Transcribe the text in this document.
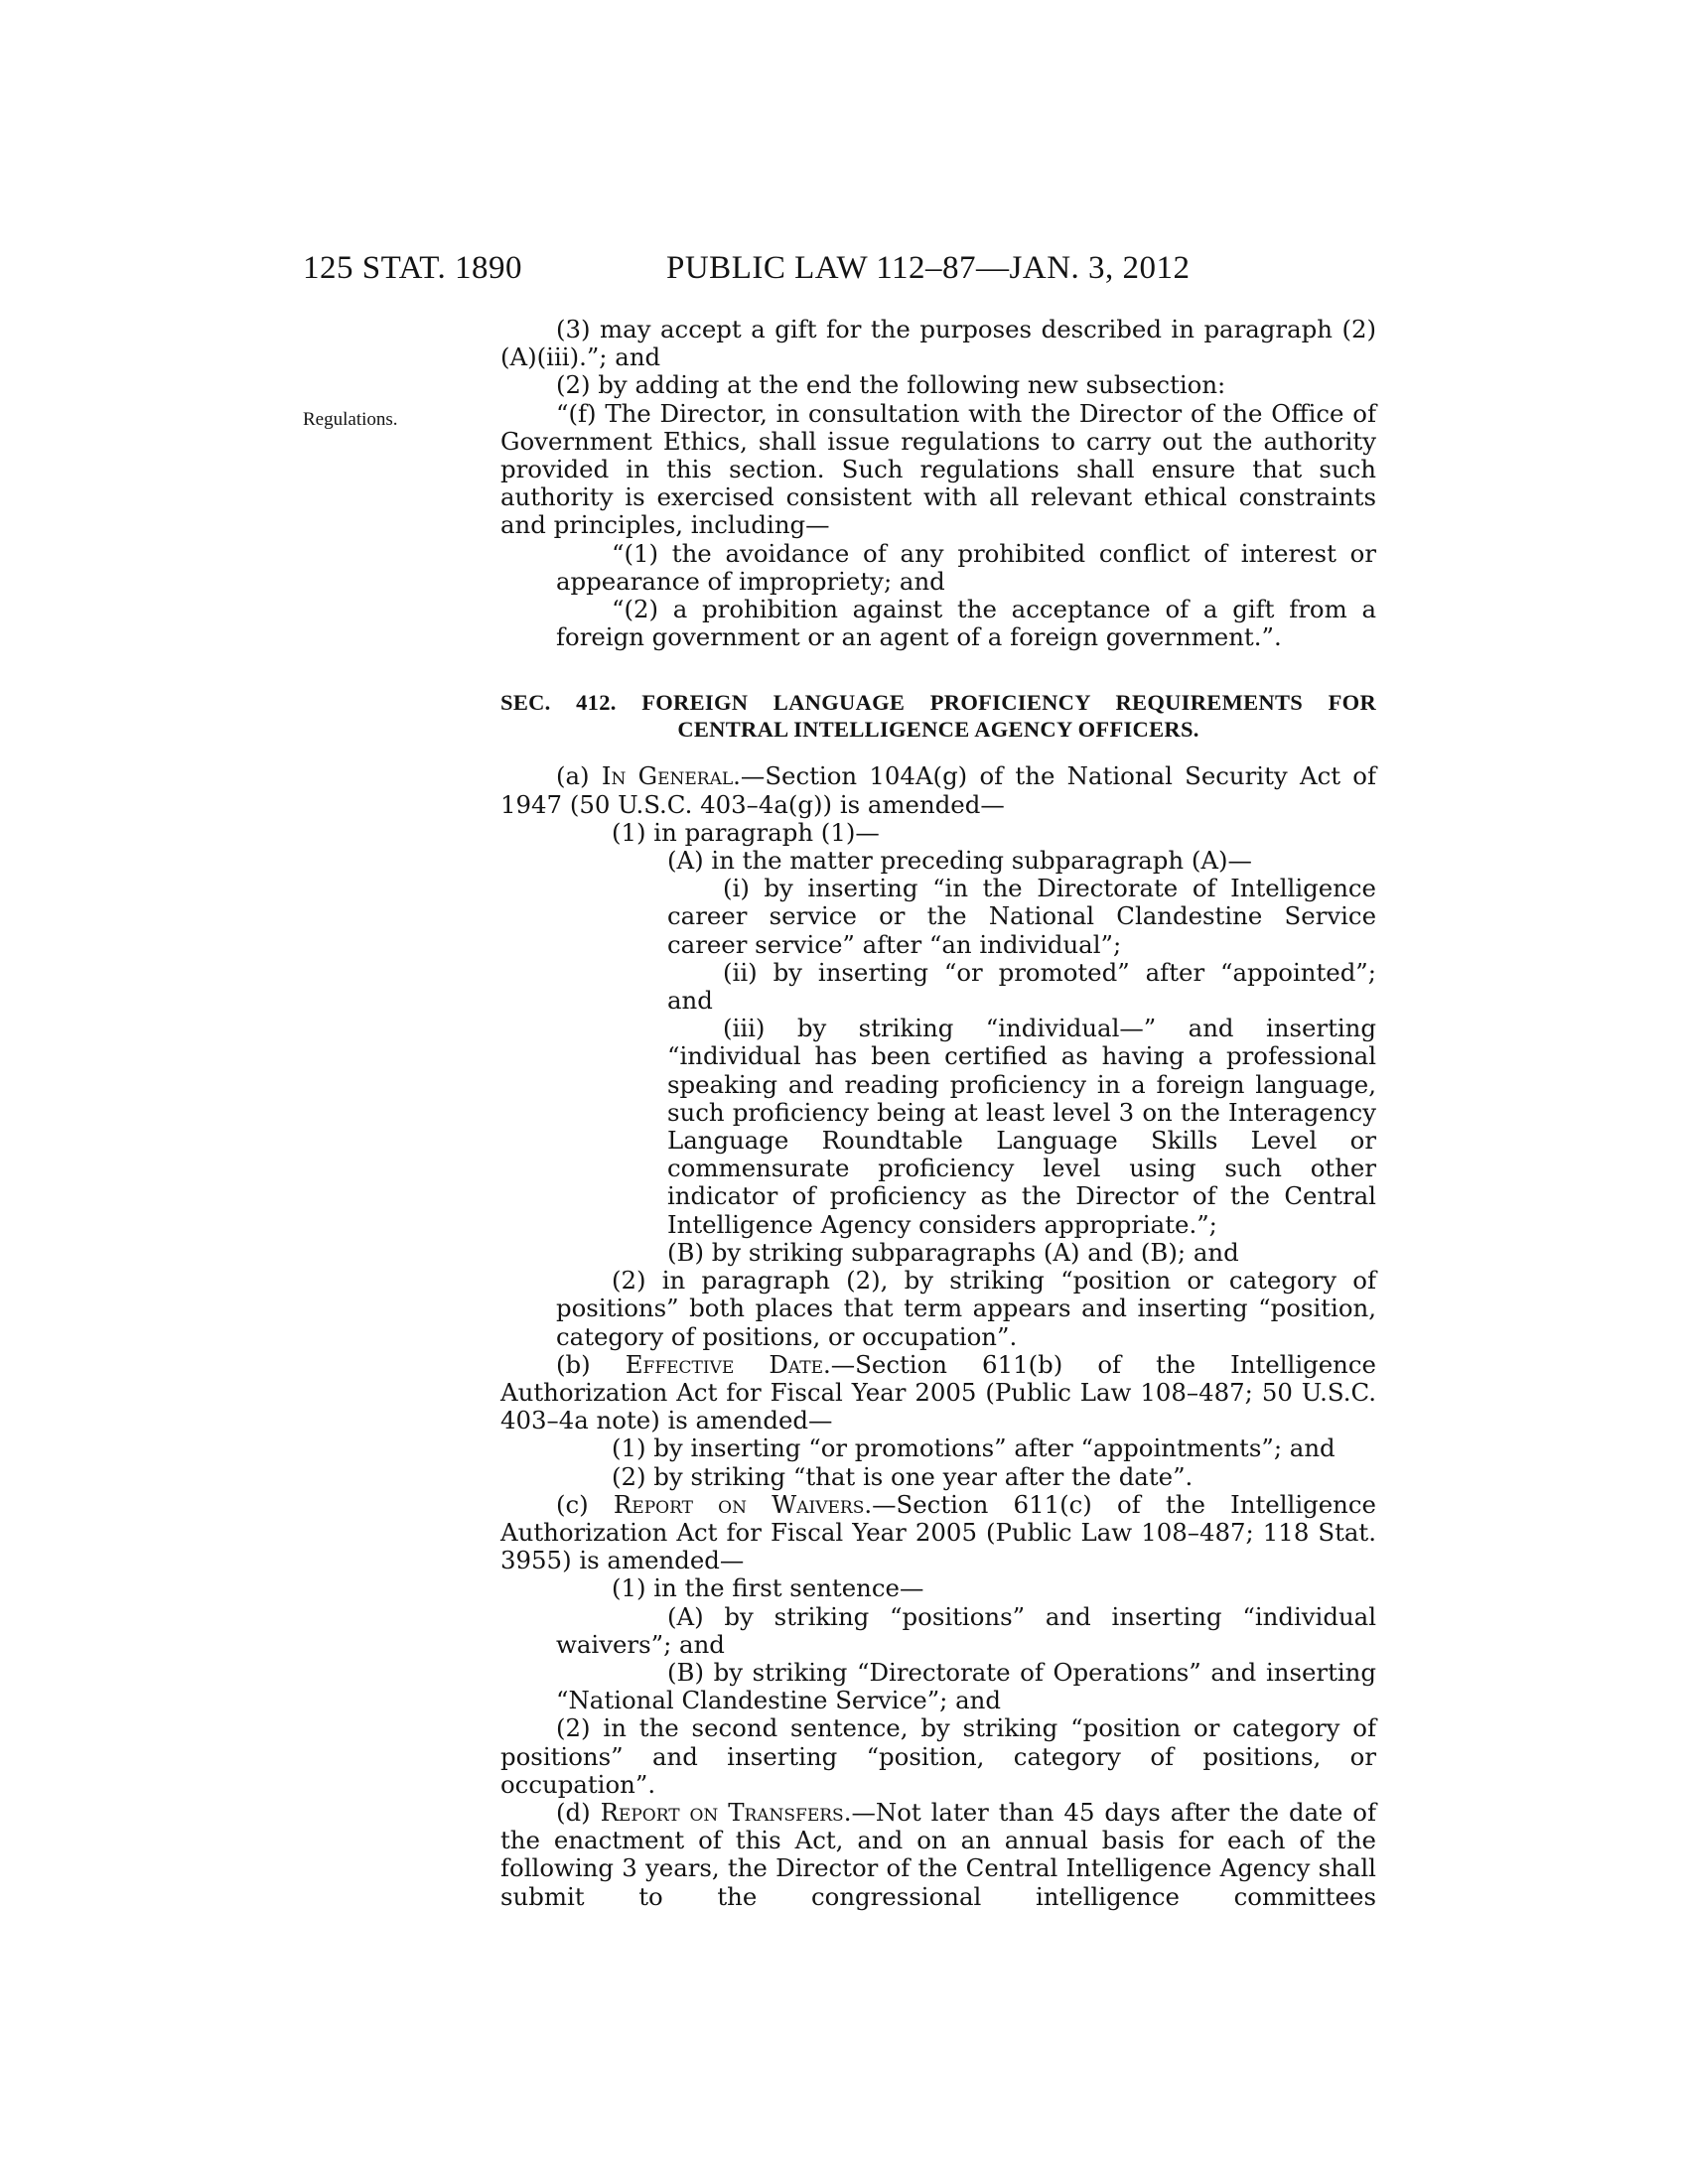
125 STAT. 1890	PUBLIC LAW 112–87—JAN. 3, 2012
Regulations.

(3) may accept a gift for the purposes described in paragraph (2)(A)(iii).”; and

(2) by adding at the end the following new subsection:

“(f) The Director, in consultation with the Director of the Office of Government Ethics, shall issue regulations to carry out the authority provided in this section. Such regulations shall ensure that such authority is exercised consistent with all relevant ethical constraints and principles, including—

“(1) the avoidance of any prohibited conflict of interest or appearance of impropriety; and

“(2) a prohibition against the acceptance of a gift from a foreign government or an agent of a foreign government.”.

SEC. 412. FOREIGN LANGUAGE PROFICIENCY REQUIREMENTS FOR CENTRAL INTELLIGENCE AGENCY OFFICERS.

(a) In General.—Section 104A(g) of the National Security Act of 1947 (50 U.S.C. 403–4a(g)) is amended—

(1) in paragraph (1)—

(A) in the matter preceding subparagraph (A)—

(i) by inserting “in the Directorate of Intelligence career service or the National Clandestine Service career service” after “an individual”;

(ii) by inserting “or promoted” after “appointed”; and

(iii) by striking “individual—” and inserting “individual has been certified as having a professional speaking and reading proficiency in a foreign language, such proficiency being at least level 3 on the Interagency Language Roundtable Language Skills Level or commensurate proficiency level using such other indicator of proficiency as the Director of the Central Intelligence Agency considers appropriate.”;

(B) by striking subparagraphs (A) and (B); and

(2) in paragraph (2), by striking “position or category of positions” both places that term appears and inserting “position, category of positions, or occupation”.

(b) Effective Date.—Section 611(b) of the Intelligence Authorization Act for Fiscal Year 2005 (Public Law 108–487; 50 U.S.C. 403–4a note) is amended—

(1) by inserting “or promotions” after “appointments”; and

(2) by striking “that is one year after the date”.

(c) Report on Waivers.—Section 611(c) of the Intelligence Authorization Act for Fiscal Year 2005 (Public Law 108–487; 118 Stat. 3955) is amended—

(1) in the first sentence—

(A) by striking “positions” and inserting “individual waivers”; and

(B) by striking “Directorate of Operations” and inserting “National Clandestine Service”; and

(2) in the second sentence, by striking “position or category of positions” and inserting “position, category of positions, or occupation”.

(d) Report on Transfers.—Not later than 45 days after the date of the enactment of this Act, and on an annual basis for each of the following 3 years, the Director of the Central Intelligence Agency shall submit to the congressional intelligence committees
